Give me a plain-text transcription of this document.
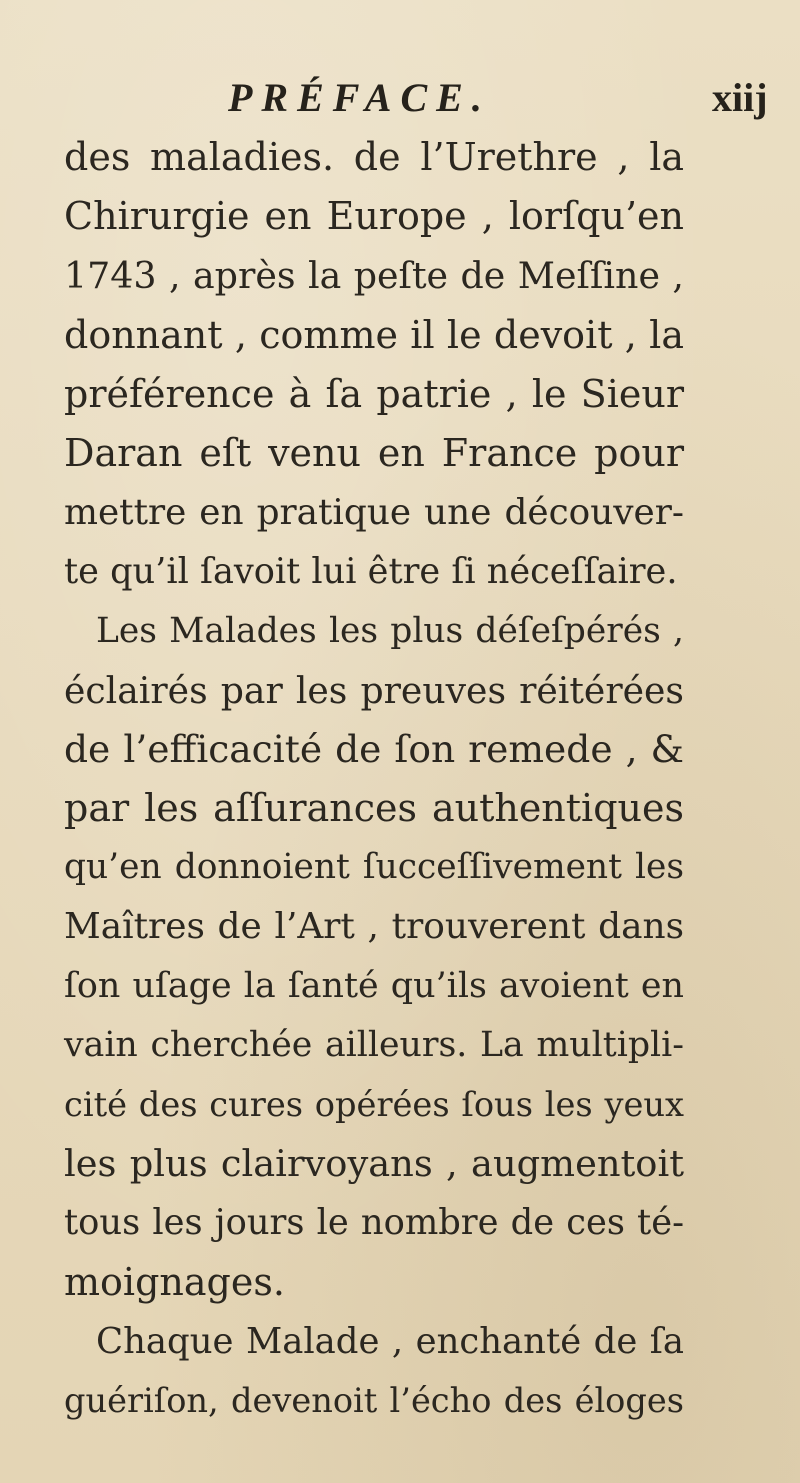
PRÉFACE.	xiij
des maladies. de l’Urethre , la
Chirurgie en Europe , lorſqu’en
1743 , après la peſte de Meſſine ,
donnant , comme il le devoit , la
préférence à ſa patrie , le Sieur
Daran eſt venu en France pour
mettre en pratique une découver-
te qu’il ſavoit lui être ſi néceſſaire.
Les Malades les plus déſeſpérés ,
éclairés par les preuves réitérées
de l’efficacité de ſon remede , &
par les aſſurances authentiques
qu’en donnoient ſucceſſivement les
Maîtres de l’Art , trouverent dans
ſon uſage la ſanté qu’ils avoient en
vain cherchée ailleurs. La multipli-
cité des cures opérées ſous les yeux
les plus clairvoyans , augmentoit
tous les jours le nombre de ces té-
moignages.
Chaque Malade , enchanté de ſa
guériſon, devenoit l’écho des éloges
